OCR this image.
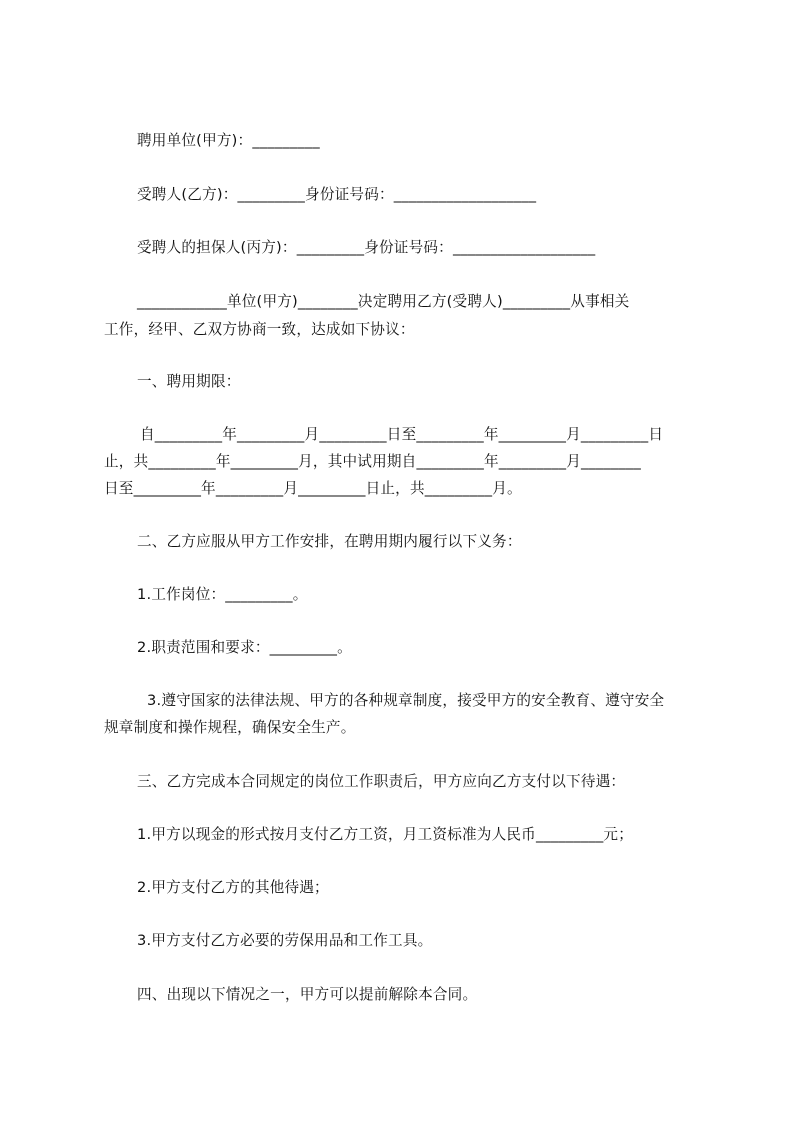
聘用单位(甲方)：_________
受聘人(乙方)：_________身份证号码：___________________
受聘人的担保人(丙方)：_________身份证号码：___________________
____________单位(甲方)________决定聘用乙方(受聘人)_________从事相关
工作，经甲、乙双方协商一致，达成如下协议：
一、聘用期限：
自_________年_________月_________日至_________年_________月_________日
止，共_________年_________月，其中试用期自_________年_________月________
日至_________年_________月_________日止，共_________月。
二、乙方应服从甲方工作安排，在聘用期内履行以下义务：
1.工作岗位：_________。
2.职责范围和要求：_________。
3.遵守国家的法律法规、甲方的各种规章制度，接受甲方的安全教育、遵守安全
规章制度和操作规程，确保安全生产。
三、乙方完成本合同规定的岗位工作职责后，甲方应向乙方支付以下待遇：
1.甲方以现金的形式按月支付乙方工资，月工资标准为人民币_________元；
2.甲方支付乙方的其他待遇；
3.甲方支付乙方必要的劳保用品和工作工具。
四、出现以下情况之一，甲方可以提前解除本合同。
